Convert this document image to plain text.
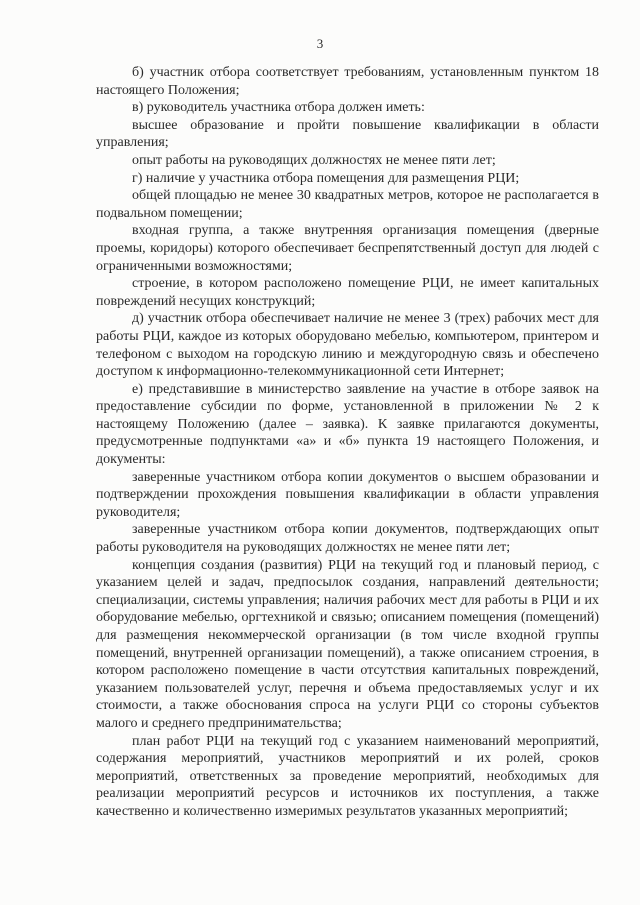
3

б) участник отбора соответствует требованиям, установленным пунктом 18 настоящего Положения;

в) руководитель участника отбора должен иметь:

высшее образование и пройти повышение квалификации в области управления;

опыт работы на руководящих должностях не менее пяти лет;

г) наличие у участника отбора помещения для размещения РЦИ;

общей площадью не менее 30 квадратных метров, которое не располагается в подвальном помещении;

входная группа, а также внутренняя организация помещения (дверные проемы, коридоры) которого обеспечивает беспрепятственный доступ для людей с ограниченными возможностями;

строение, в котором расположено помещение РЦИ, не имеет капитальных повреждений несущих конструкций;

д) участник отбора обеспечивает наличие не менее 3 (трех) рабочих мест для работы РЦИ, каждое из которых оборудовано мебелью, компьютером, принтером и телефоном с выходом на городскую линию и междугородную связь и обеспечено доступом к информационно-телекоммуникационной сети Интернет;

е) представившие в министерство заявление на участие в отборе заявок на предоставление субсидии по форме, установленной в приложении № 2 к настоящему Положению (далее – заявка). К заявке прилагаются документы, предусмотренные подпунктами «а» и «б» пункта 19 настоящего Положения, и документы:

заверенные участником отбора копии документов о высшем образовании и подтверждении прохождения повышения квалификации в области управления руководителя;

заверенные участником отбора копии документов, подтверждающих опыт работы руководителя на руководящих должностях не менее пяти лет;

концепция создания (развития) РЦИ на текущий год и плановый период, с указанием целей и задач, предпосылок создания, направлений деятельности; специализации, системы управления; наличия рабочих мест для работы в РЦИ и их оборудование мебелью, оргтехникой и связью; описанием помещения (помещений) для размещения некоммерческой организации (в том числе входной группы помещений, внутренней организации помещений), а также описанием строения, в котором расположено помещение в части отсутствия капитальных повреждений, указанием пользователей услуг, перечня и объема предоставляемых услуг и их стоимости, а также обоснования спроса на услуги РЦИ со стороны субъектов малого и среднего предпринимательства;

план работ РЦИ на текущий год с указанием наименований мероприятий, содержания мероприятий, участников мероприятий и их ролей, сроков мероприятий, ответственных за проведение мероприятий, необходимых для реализации мероприятий ресурсов и источников их поступления, а также качественно и количественно измеримых результатов указанных мероприятий;
